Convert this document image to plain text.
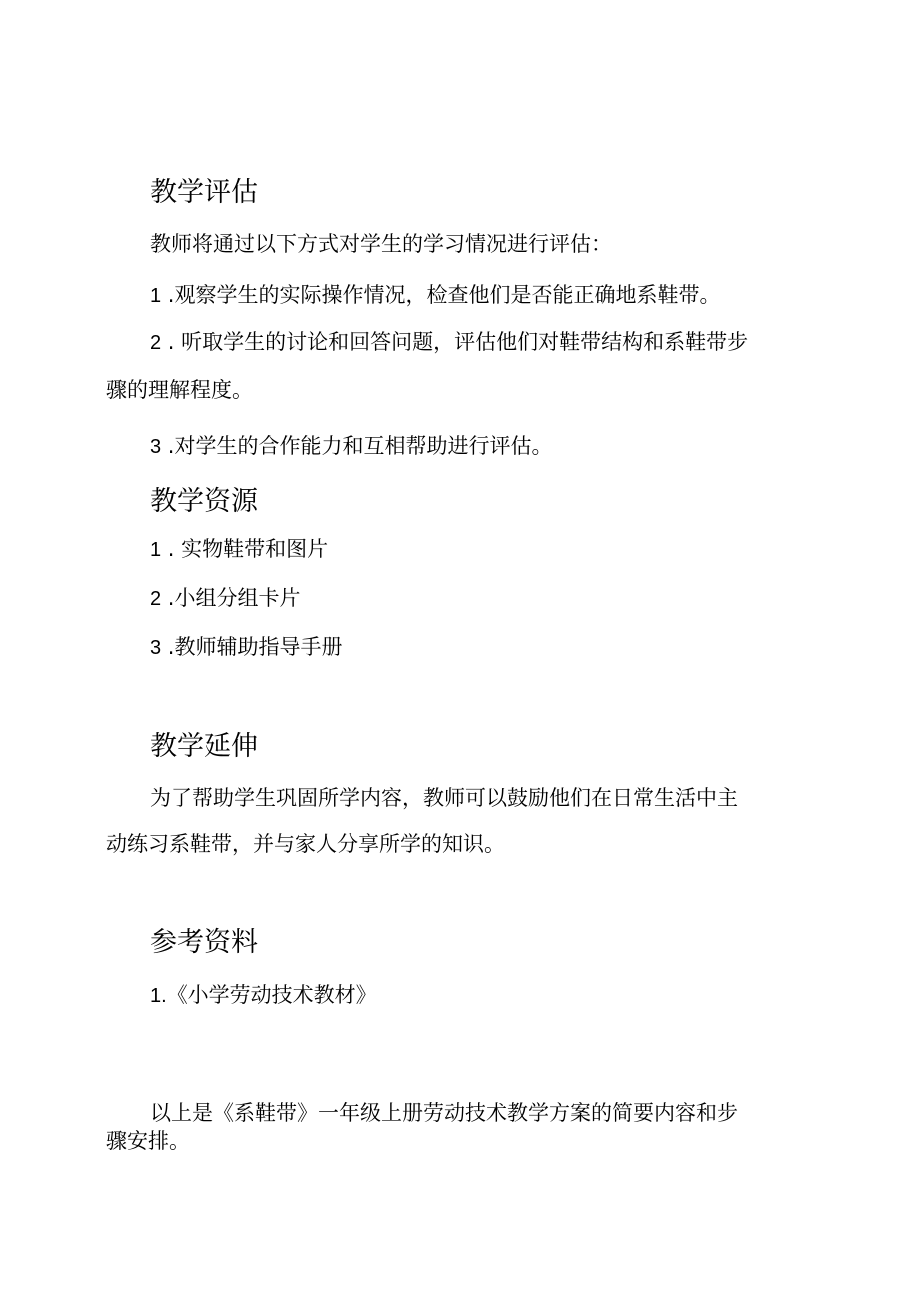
教学评估

教师将通过以下方式对学生的学习情况进行评估：

1 .观察学生的实际操作情况，检查他们是否能正确地系鞋带。

2 . 听取学生的讨论和回答问题，评估他们对鞋带结构和系鞋带步

骤的理解程度。

3 .对学生的合作能力和互相帮助进行评估。

教学资源

1 . 实物鞋带和图片

2 .小组分组卡片

3 .教师辅助指导手册

教学延伸

为了帮助学生巩固所学内容，教师可以鼓励他们在日常生活中主

动练习系鞋带，并与家人分享所学的知识。

参考资料

1.《小学劳动技术教材》

以上是《系鞋带》一年级上册劳动技术教学方案的简要内容和步

骤安排。
